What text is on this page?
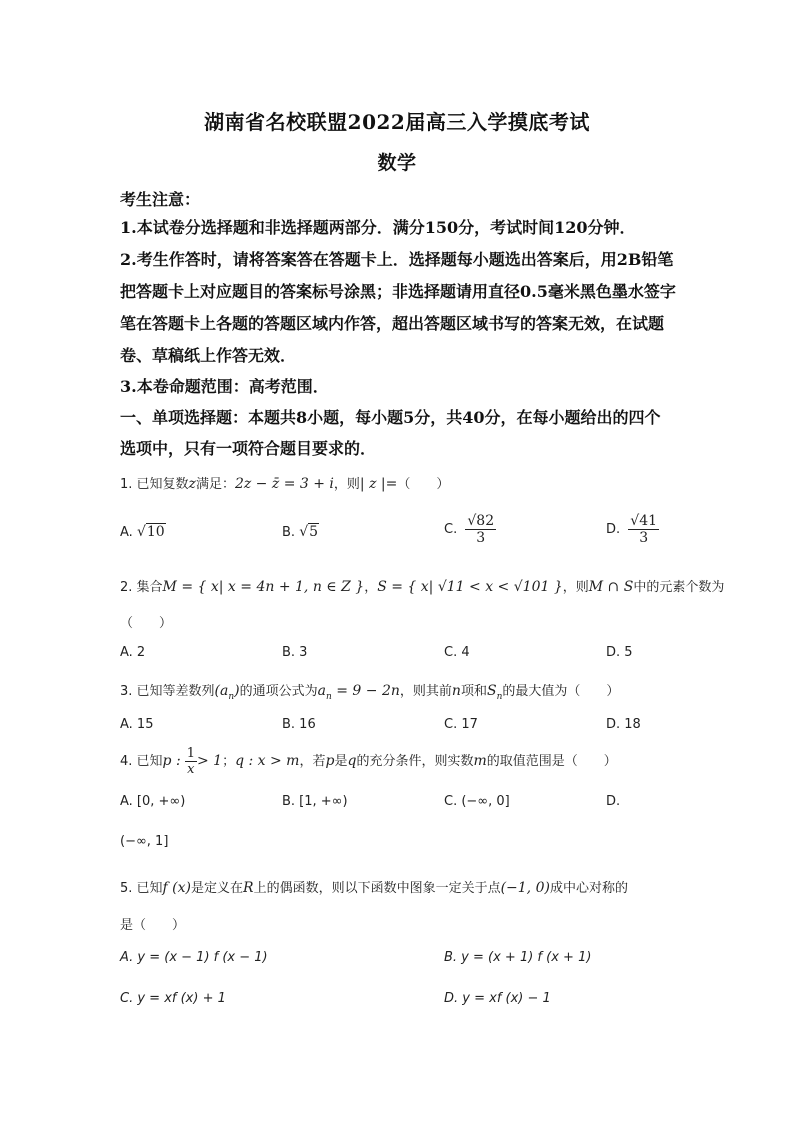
湖南省名校联盟2022届高三入学摸底考试
数学
考生注意：
1.本试卷分选择题和非选择题两部分．满分150分，考试时间120分钟．
2.考生作答时，请将答案答在答题卡上．选择题每小题选出答案后，用2B铅笔
把答题卡上对应题目的答案标号涂黑；非选择题请用直径0.5毫米黑色墨水签字
笔在答题卡上各题的答题区域内作答，超出答题区域书写的答案无效，在试题
卷、草稿纸上作答无效．
3.本卷命题范围：高考范围．
一、单项选择题：本题共8小题，每小题5分，共40分，在每小题给出的四个
选项中，只有一项符合题目要求的．
1. 已知复数z满足：2z − z̄ = 3 + i，则| z |=（　　）
A. √10	B. √5	C. $\frac{√82}{3}$	D. $\frac{√41}{3}$
2. 集合M = { x| x = 4n + 1, n ∈ Z }，S = { x| √11 < x < √101 }，则M ∩ S中的元素个数为
（　　）
A. 2	B. 3	C. 4	D. 5
3. 已知等差数列$(a_n)$的通项公式为$a_n = 9 - 2n$，则其前n项和$S_n$的最大值为（　　）
A. 15	B. 16	C. 17	D. 18
4. 已知p : $\frac{1}{x} > 1$；q : x > m，若p是q的充分条件，则实数m的取值范围是（　　）
A. [0, +∞)	B. [1, +∞)	C. (−∞, 0]	D.
(−∞, 1]
5. 已知f (x)是定义在R上的偶函数，则以下函数中图象一定关于点(−1, 0)成中心对称的
是（　　）
A. y = (x − 1) f (x − 1)	B. y = (x + 1) f (x + 1)
C. y = xf (x) + 1	D. y = xf (x) − 1
